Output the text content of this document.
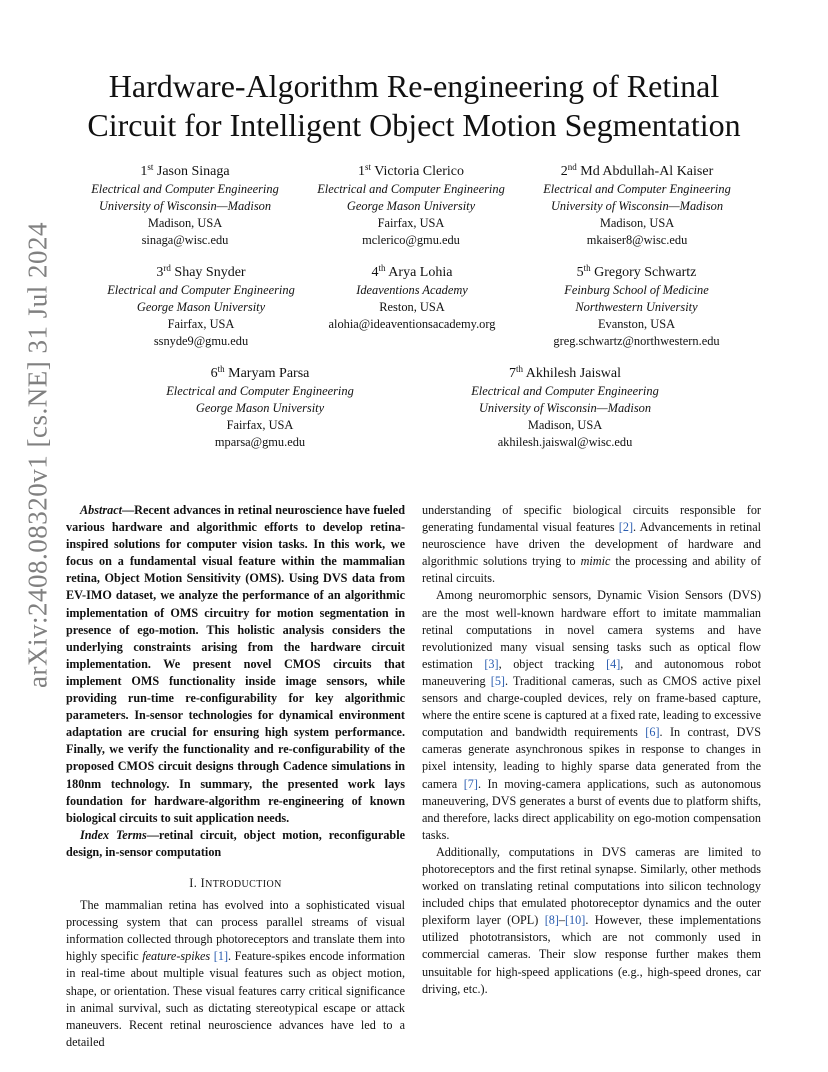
arXiv:2408.08320v1 [cs.NE] 31 Jul 2024
Hardware-Algorithm Re-engineering of Retinal
Circuit for Intelligent Object Motion Segmentation
1st Jason Sinaga
Electrical and Computer Engineering
University of Wisconsin—Madison
Madison, USA
sinaga@wisc.edu
1st Victoria Clerico
Electrical and Computer Engineering
George Mason University
Fairfax, USA
mclerico@gmu.edu
2nd Md Abdullah-Al Kaiser
Electrical and Computer Engineering
University of Wisconsin—Madison
Madison, USA
mkaiser8@wisc.edu
3rd Shay Snyder
Electrical and Computer Engineering
George Mason University
Fairfax, USA
ssnyde9@gmu.edu
4th Arya Lohia
Ideaventions Academy
Reston, USA
alohia@ideaventionsacademy.org
5th Gregory Schwartz
Feinburg School of Medicine
Northwestern University
Evanston, USA
greg.schwartz@northwestern.edu
6th Maryam Parsa
Electrical and Computer Engineering
George Mason University
Fairfax, USA
mparsa@gmu.edu
7th Akhilesh Jaiswal
Electrical and Computer Engineering
University of Wisconsin—Madison
Madison, USA
akhilesh.jaiswal@wisc.edu

Abstract—Recent advances in retinal neuroscience have fueled various hardware and algorithmic efforts to develop retina-inspired solutions for computer vision tasks. In this work, we focus on a fundamental visual feature within the mammalian retina, Object Motion Sensitivity (OMS). Using DVS data from EV-IMO dataset, we analyze the performance of an algorithmic implementation of OMS circuitry for motion segmentation in presence of ego-motion. This holistic analysis considers the underlying constraints arising from the hardware circuit implementation. We present novel CMOS circuits that implement OMS functionality inside image sensors, while providing run-time re-configurability for key algorithmic parameters. In-sensor technologies for dynamical environment adaptation are crucial for ensuring high system performance. Finally, we verify the functionality and re-configurability of the proposed CMOS circuit designs through Cadence simulations in 180nm technology. In summary, the presented work lays foundation for hardware-algorithm re-engineering of known biological circuits to suit application needs.

Index Terms—retinal circuit, object motion, reconfigurable design, in-sensor computation

I. INTRODUCTION

The mammalian retina has evolved into a sophisticated visual processing system that can process parallel streams of visual information collected through photoreceptors and translate them into highly specific feature-spikes [1]. Feature-spikes encode information in real-time about multiple visual features such as object motion, shape, or orientation. These visual features carry critical significance in animal survival, such as dictating stereotypical escape or attack maneuvers. Recent retinal neuroscience advances have led to a detailed

understanding of specific biological circuits responsible for generating fundamental visual features [2]. Advancements in retinal neuroscience have driven the development of hardware and algorithmic solutions trying to mimic the processing and ability of retinal circuits.

Among neuromorphic sensors, Dynamic Vision Sensors (DVS) are the most well-known hardware effort to imitate mammalian retinal computations in novel camera systems and have revolutionized many visual sensing tasks such as optical flow estimation [3], object tracking [4], and autonomous robot maneuvering [5]. Traditional cameras, such as CMOS active pixel sensors and charge-coupled devices, rely on frame-based capture, where the entire scene is captured at a fixed rate, leading to excessive computation and bandwidth requirements [6]. In contrast, DVS cameras generate asynchronous spikes in response to changes in pixel intensity, leading to highly sparse data generated from the camera [7]. In moving-camera applications, such as autonomous maneuvering, DVS generates a burst of events due to platform shifts, and therefore, lacks direct applicability on ego-motion compensation tasks.

Additionally, computations in DVS cameras are limited to photoreceptors and the first retinal synapse. Similarly, other methods worked on translating retinal computations into silicon technology included chips that emulated photoreceptor dynamics and the outer plexiform layer (OPL) [8]–[10]. However, these implementations utilized phototransistors, which are not commonly used in commercial cameras. Their slow response further makes them unsuitable for high-speed applications (e.g., high-speed drones, car driving, etc.).
